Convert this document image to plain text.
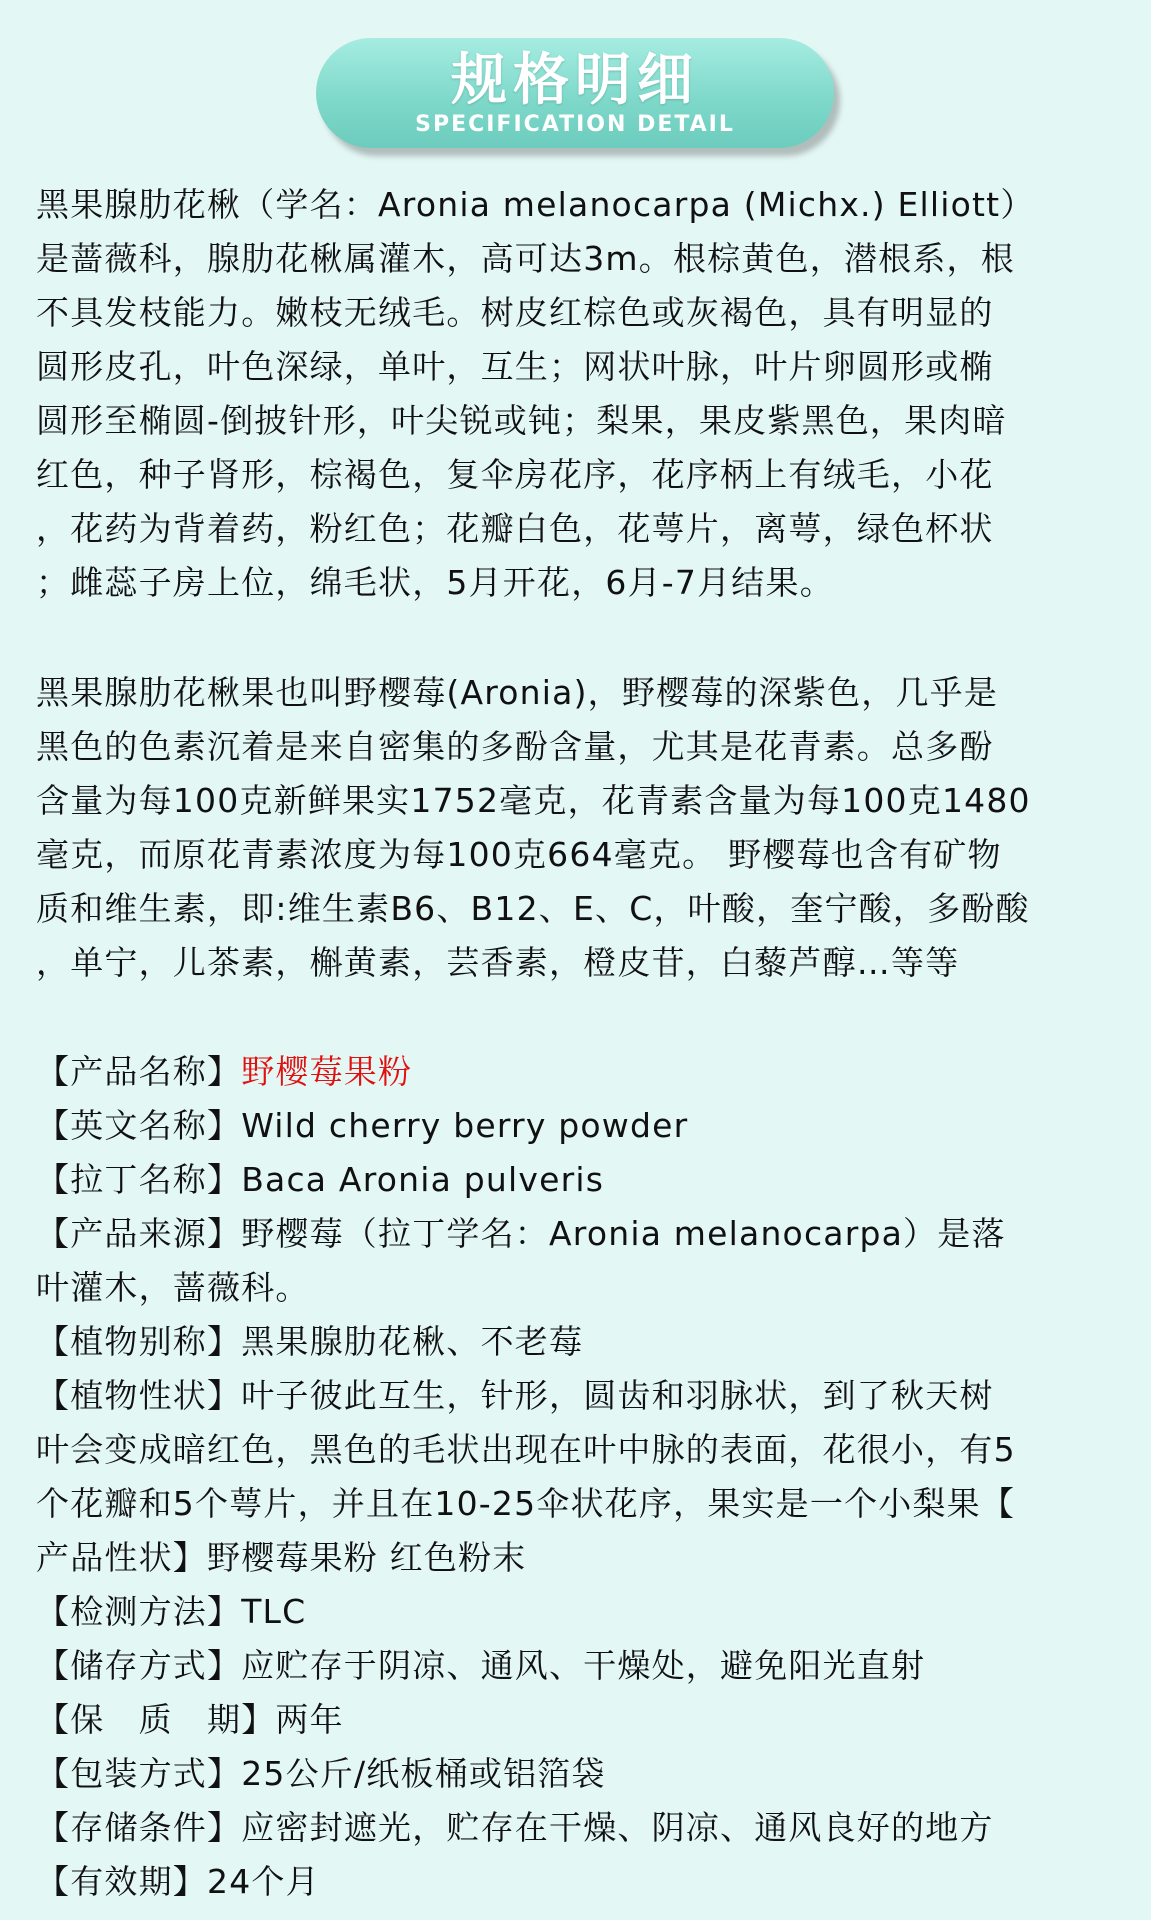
规格明细
SPECIFICATION DETAIL
黑果腺肋花楸（学名：Aronia melanocarpa (Michx.) Elliott）
是蔷薇科，腺肋花楸属灌木，高可达3m。根棕黄色，潜根系，根
不具发枝能力。嫩枝无绒毛。树皮红棕色或灰褐色，具有明显的
圆形皮孔，叶色深绿，单叶，互生；网状叶脉，叶片卵圆形或椭
圆形至椭圆-倒披针形，叶尖锐或钝；梨果，果皮紫黑色，果肉暗
红色，种子肾形，棕褐色，复伞房花序，花序柄上有绒毛，小花
，花药为背着药，粉红色；花瓣白色，花萼片，离萼，绿色杯状
；雌蕊子房上位，绵毛状，5月开花，6月-7月结果。
黑果腺肋花楸果也叫野樱莓(Aronia)，野樱莓的深紫色，几乎是
黑色的色素沉着是来自密集的多酚含量，尤其是花青素。总多酚
含量为每100克新鲜果实1752毫克，花青素含量为每100克1480
毫克，而原花青素浓度为每100克664毫克。 野樱莓也含有矿物
质和维生素，即:维生素B6、B12、E、C，叶酸，奎宁酸，多酚酸
，单宁，儿茶素，槲黄素，芸香素，橙皮苷，白藜芦醇…等等
【产品名称】野樱莓果粉
【英文名称】Wild cherry berry powder
【拉丁名称】Baca Aronia pulveris
【产品来源】野樱莓（拉丁学名：Aronia melanocarpa）是落
叶灌木，蔷薇科。
【植物别称】黑果腺肋花楸、不老莓
【植物性状】叶子彼此互生，针形，圆齿和羽脉状，到了秋天树
叶会变成暗红色，黑色的毛状出现在叶中脉的表面，花很小，有5
个花瓣和5个萼片，并且在10-25伞状花序，果实是一个小梨果【
产品性状】野樱莓果粉 红色粉末
【检测方法】TLC
【储存方式】应贮存于阴凉、通风、干燥处，避免阳光直射
【保　质　期】两年
【包装方式】25公斤/纸板桶或铝箔袋
【存储条件】应密封遮光，贮存在干燥、阴凉、通风良好的地方
【有效期】24个月
